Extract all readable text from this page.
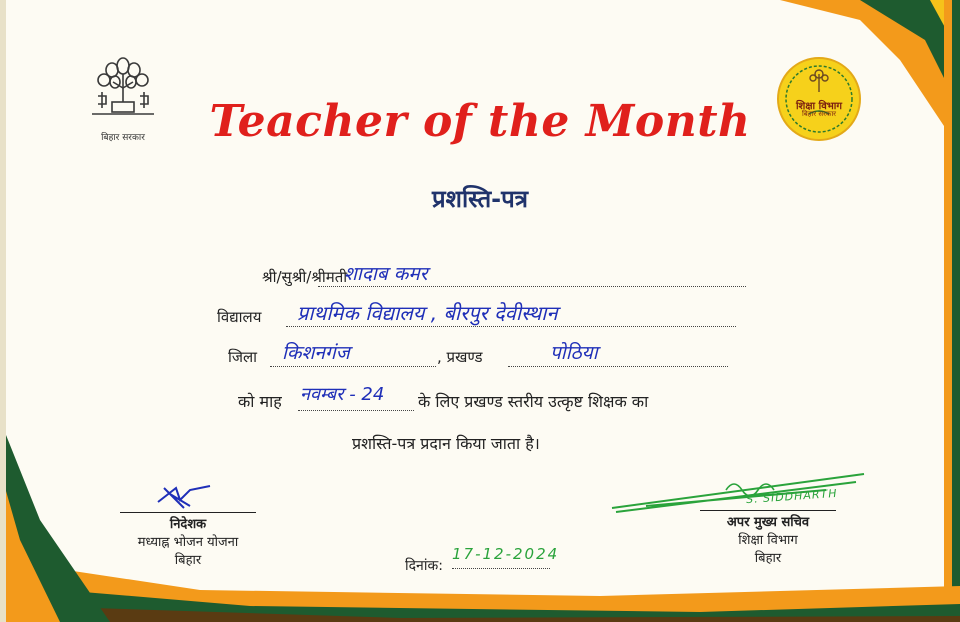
बिहार सरकार
शिक्षा विभाग
बिहार सरकार
Teacher of the Month
प्रशस्ति-पत्र
श्री/सुश्री/श्रीमती
शादाब कमर
विद्यालय प्राथमिक विद्यालय , बीरपुर देवीस्थान
जिला किशनगंज	, प्रखण्ड	पोठिया
को माह नवम्बर - 24 के लिए प्रखण्ड स्तरीय उत्कृष्ट शिक्षक का
प्रशस्ति-पत्र प्रदान किया जाता है।
निदेशक
मध्याह्न भोजन योजना
बिहार	दिनांक:
17-12-2024
S. SIDDHARTH
अपर मुख्य सचिव
शिक्षा विभाग
बिहार
